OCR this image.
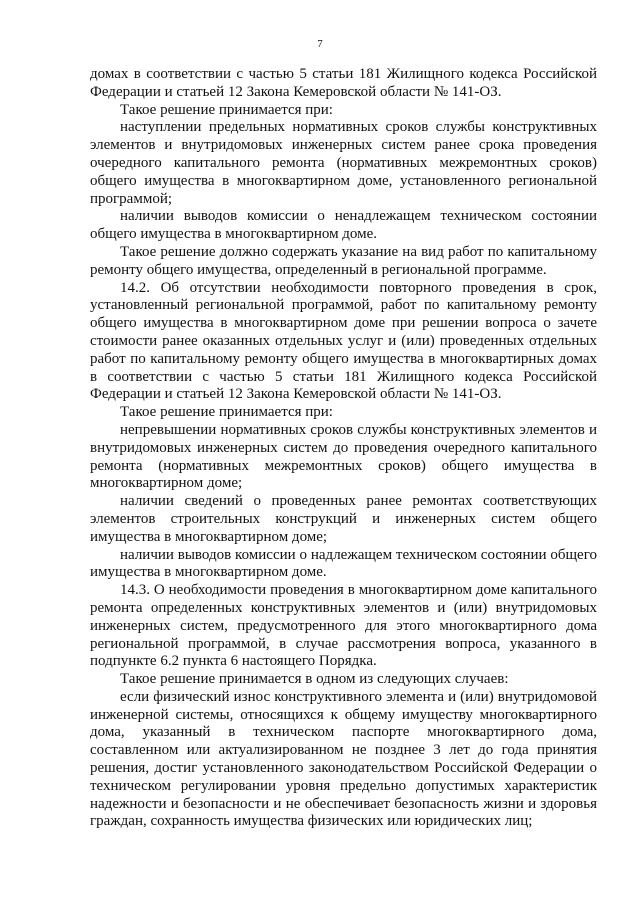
7

домах в соответствии с частью 5 статьи 181 Жилищного кодекса Российской Федерации и статьей 12 Закона Кемеровской области № 141-ОЗ.

Такое решение принимается при:

наступлении предельных нормативных сроков службы конструктивных элементов и внутридомовых инженерных систем ранее срока проведения очередного капитального ремонта (нормативных межремонтных сроков) общего имущества в многоквартирном доме, установленного региональной программой;

наличии выводов комиссии о ненадлежащем техническом состоянии общего имущества в многоквартирном доме.

Такое решение должно содержать указание на вид работ по капитальному ремонту общего имущества, определенный в региональной программе.

14.2. Об отсутствии необходимости повторного проведения в срок, установленный региональной программой, работ по капитальному ремонту общего имущества в многоквартирном доме при решении вопроса о зачете стоимости ранее оказанных отдельных услуг и (или) проведенных отдельных работ по капитальному ремонту общего имущества в многоквартирных домах в соответствии с частью 5 статьи 181 Жилищного кодекса Российской Федерации и статьей 12 Закона Кемеровской области № 141-ОЗ.

Такое решение принимается при:

непревышении нормативных сроков службы конструктивных элементов и внутридомовых инженерных систем до проведения очередного капитального ремонта (нормативных межремонтных сроков) общего имущества в многоквартирном доме;

наличии сведений о проведенных ранее ремонтах соответствующих элементов строительных конструкций и инженерных систем общего имущества в многоквартирном доме;

наличии выводов комиссии о надлежащем техническом состоянии общего имущества в многоквартирном доме.

14.3. О необходимости проведения в многоквартирном доме капитального ремонта определенных конструктивных элементов и (или) внутридомовых инженерных систем, предусмотренного для этого многоквартирного дома региональной программой, в случае рассмотрения вопроса, указанного в подпункте 6.2 пункта 6 настоящего Порядка.

Такое решение принимается в одном из следующих случаев:

если физический износ конструктивного элемента и (или) внутридомовой инженерной системы, относящихся к общему имуществу многоквартирного дома, указанный в техническом паспорте многоквартирного дома, составленном или актуализированном не позднее 3 лет до года принятия решения, достиг установленного законодательством Российской Федерации о техническом регулировании уровня предельно допустимых характеристик надежности и безопасности и не обеспечивает безопасность жизни и здоровья граждан, сохранность имущества физических или юридических лиц;
